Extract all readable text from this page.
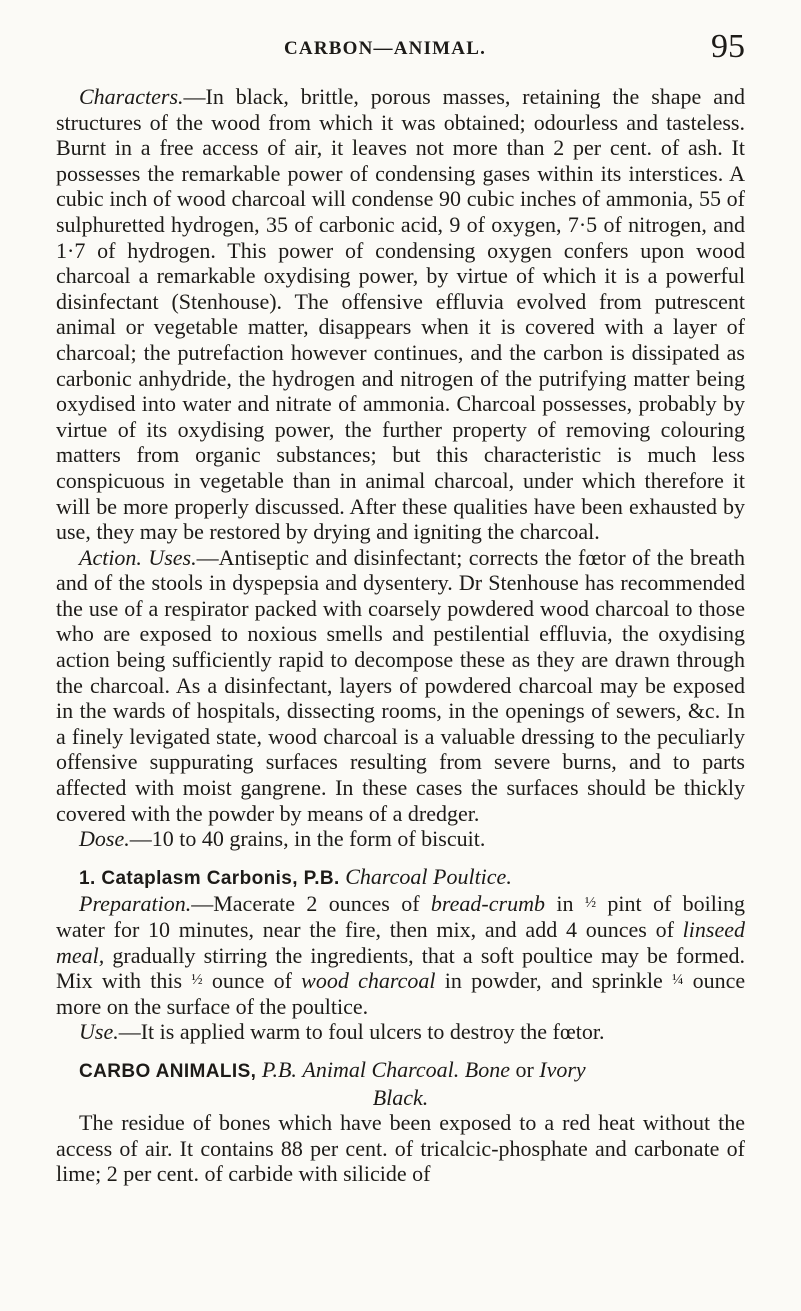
CARBON—ANIMAL.	95

Characters.—In black, brittle, porous masses, retaining the shape and structures of the wood from which it was obtained; odourless and tasteless. Burnt in a free access of air, it leaves not more than 2 per cent. of ash. It possesses the remarkable power of condensing gases within its interstices. A cubic inch of wood charcoal will condense 90 cubic inches of ammonia, 55 of sulphuretted hydrogen, 35 of carbonic acid, 9 of oxygen, 7·5 of nitrogen, and 1·7 of hydrogen. This power of condensing oxygen confers upon wood charcoal a remarkable oxydising power, by virtue of which it is a powerful disinfectant (Stenhouse). The offensive effluvia evolved from putrescent animal or vegetable matter, disappears when it is covered with a layer of charcoal; the putrefaction however continues, and the carbon is dissipated as carbonic anhydride, the hydrogen and nitrogen of the putrifying matter being oxydised into water and nitrate of ammonia. Charcoal possesses, probably by virtue of its oxydising power, the further property of removing colouring matters from organic substances; but this characteristic is much less conspicuous in vegetable than in animal charcoal, under which therefore it will be more properly discussed. After these qualities have been exhausted by use, they may be restored by drying and igniting the charcoal.

Action. Uses.—Antiseptic and disinfectant; corrects the fœtor of the breath and of the stools in dyspepsia and dysentery. Dr Stenhouse has recommended the use of a respirator packed with coarsely powdered wood charcoal to those who are exposed to noxious smells and pestilential effluvia, the oxydising action being sufficiently rapid to decompose these as they are drawn through the charcoal. As a disinfectant, layers of powdered charcoal may be exposed in the wards of hospitals, dissecting rooms, in the openings of sewers, &c. In a finely levigated state, wood charcoal is a valuable dressing to the peculiarly offensive suppurating surfaces resulting from severe burns, and to parts affected with moist gangrene. In these cases the surfaces should be thickly covered with the powder by means of a dredger.

Dose.—10 to 40 grains, in the form of biscuit.

1. Cataplasm Carbonis, P.B. Charcoal Poultice.

Preparation.—Macerate 2 ounces of bread-crumb in ½ pint of boiling water for 10 minutes, near the fire, then mix, and add 4 ounces of linseed meal, gradually stirring the ingredients, that a soft poultice may be formed. Mix with this ½ ounce of wood charcoal in powder, and sprinkle ¼ ounce more on the surface of the poultice.

Use.—It is applied warm to foul ulcers to destroy the fœtor.

CARBO ANIMALIS, P.B. Animal Charcoal. Bone or Ivory

Black.

The residue of bones which have been exposed to a red heat without the access of air. It contains 88 per cent. of tricalcic-phosphate and carbonate of lime; 2 per cent. of carbide with silicide of
